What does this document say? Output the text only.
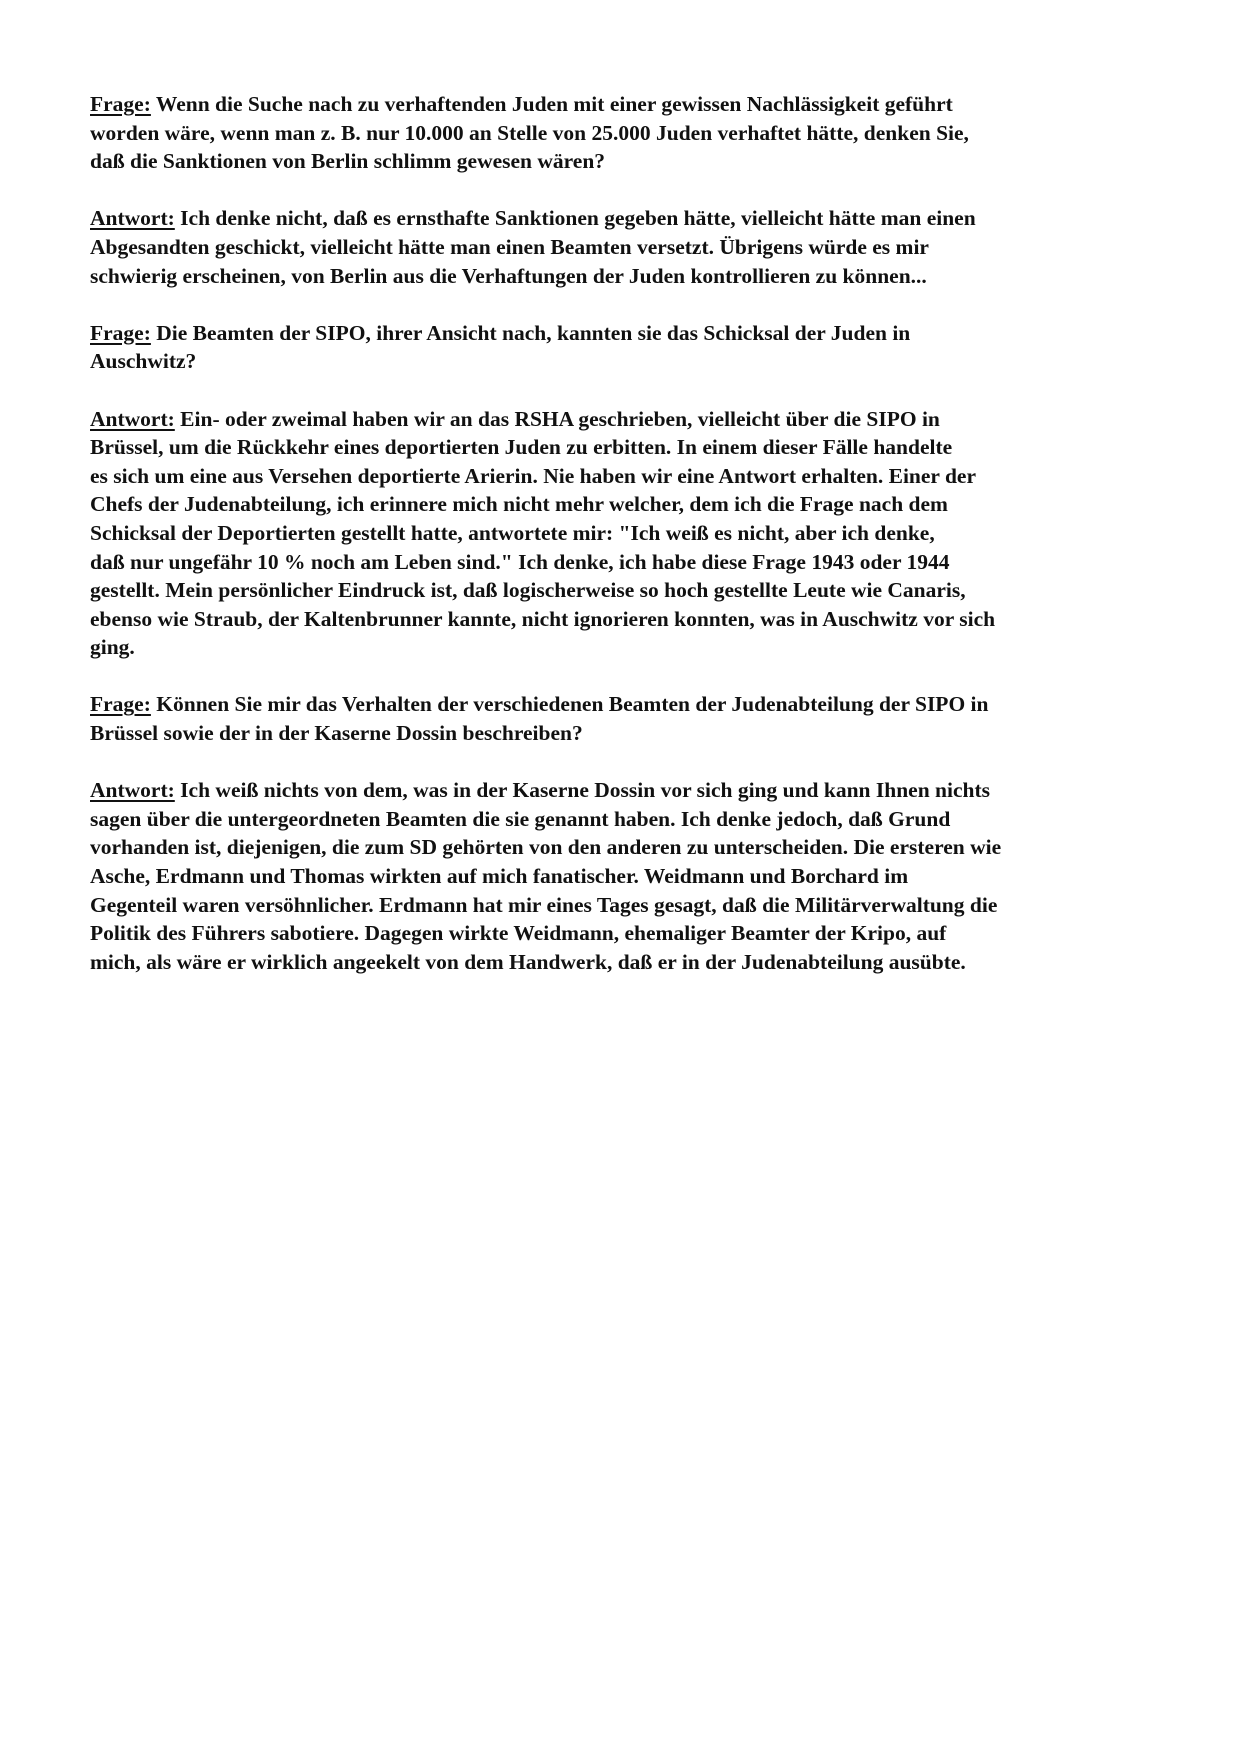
Frage: Wenn die Suche nach zu verhaftenden Juden mit einer gewissen Nachlässigkeit geführt
worden wäre, wenn man z. B. nur 10.000 an Stelle von 25.000 Juden verhaftet hätte, denken Sie,
daß die Sanktionen von Berlin schlimm gewesen wären?
Antwort: Ich denke nicht, daß es ernsthafte Sanktionen gegeben hätte, vielleicht hätte man einen
Abgesandten geschickt, vielleicht hätte man einen Beamten versetzt. Übrigens würde es mir
schwierig erscheinen, von Berlin aus die Verhaftungen der Juden kontrollieren zu können...
Frage: Die Beamten der SIPO, ihrer Ansicht nach, kannten sie das Schicksal der Juden in
Auschwitz?
Antwort: Ein- oder zweimal haben wir an das RSHA geschrieben, vielleicht über die SIPO in
Brüssel, um die Rückkehr eines deportierten Juden zu erbitten. In einem dieser Fälle handelte
es sich um eine aus Versehen deportierte Arierin. Nie haben wir eine Antwort erhalten. Einer der
Chefs der Judenabteilung, ich erinnere mich nicht mehr welcher, dem ich die Frage nach dem
Schicksal der Deportierten gestellt hatte, antwortete mir: "Ich weiß es nicht, aber ich denke,
daß nur ungefähr 10 % noch am Leben sind." Ich denke, ich habe diese Frage 1943 oder 1944
gestellt. Mein persönlicher Eindruck ist, daß logischerweise so hoch gestellte Leute wie Canaris,
ebenso wie Straub, der Kaltenbrunner kannte, nicht ignorieren konnten, was in Auschwitz vor sich
ging.
Frage: Können Sie mir das Verhalten der verschiedenen Beamten der Judenabteilung der SIPO in
Brüssel sowie der in der Kaserne Dossin beschreiben?
Antwort: Ich weiß nichts von dem, was in der Kaserne Dossin vor sich ging und kann Ihnen nichts
sagen über die untergeordneten Beamten die sie genannt haben. Ich denke jedoch, daß Grund
vorhanden ist, diejenigen, die zum SD gehörten von den anderen zu unterscheiden. Die ersteren wie
Asche, Erdmann und Thomas wirkten auf mich fanatischer. Weidmann und Borchard im
Gegenteil waren versöhnlicher. Erdmann hat mir eines Tages gesagt, daß die Militärverwaltung die
Politik des Führers sabotiere. Dagegen wirkte Weidmann, ehemaliger Beamter der Kripo, auf
mich, als wäre er wirklich angeekelt von dem Handwerk, daß er in der Judenabteilung ausübte.
